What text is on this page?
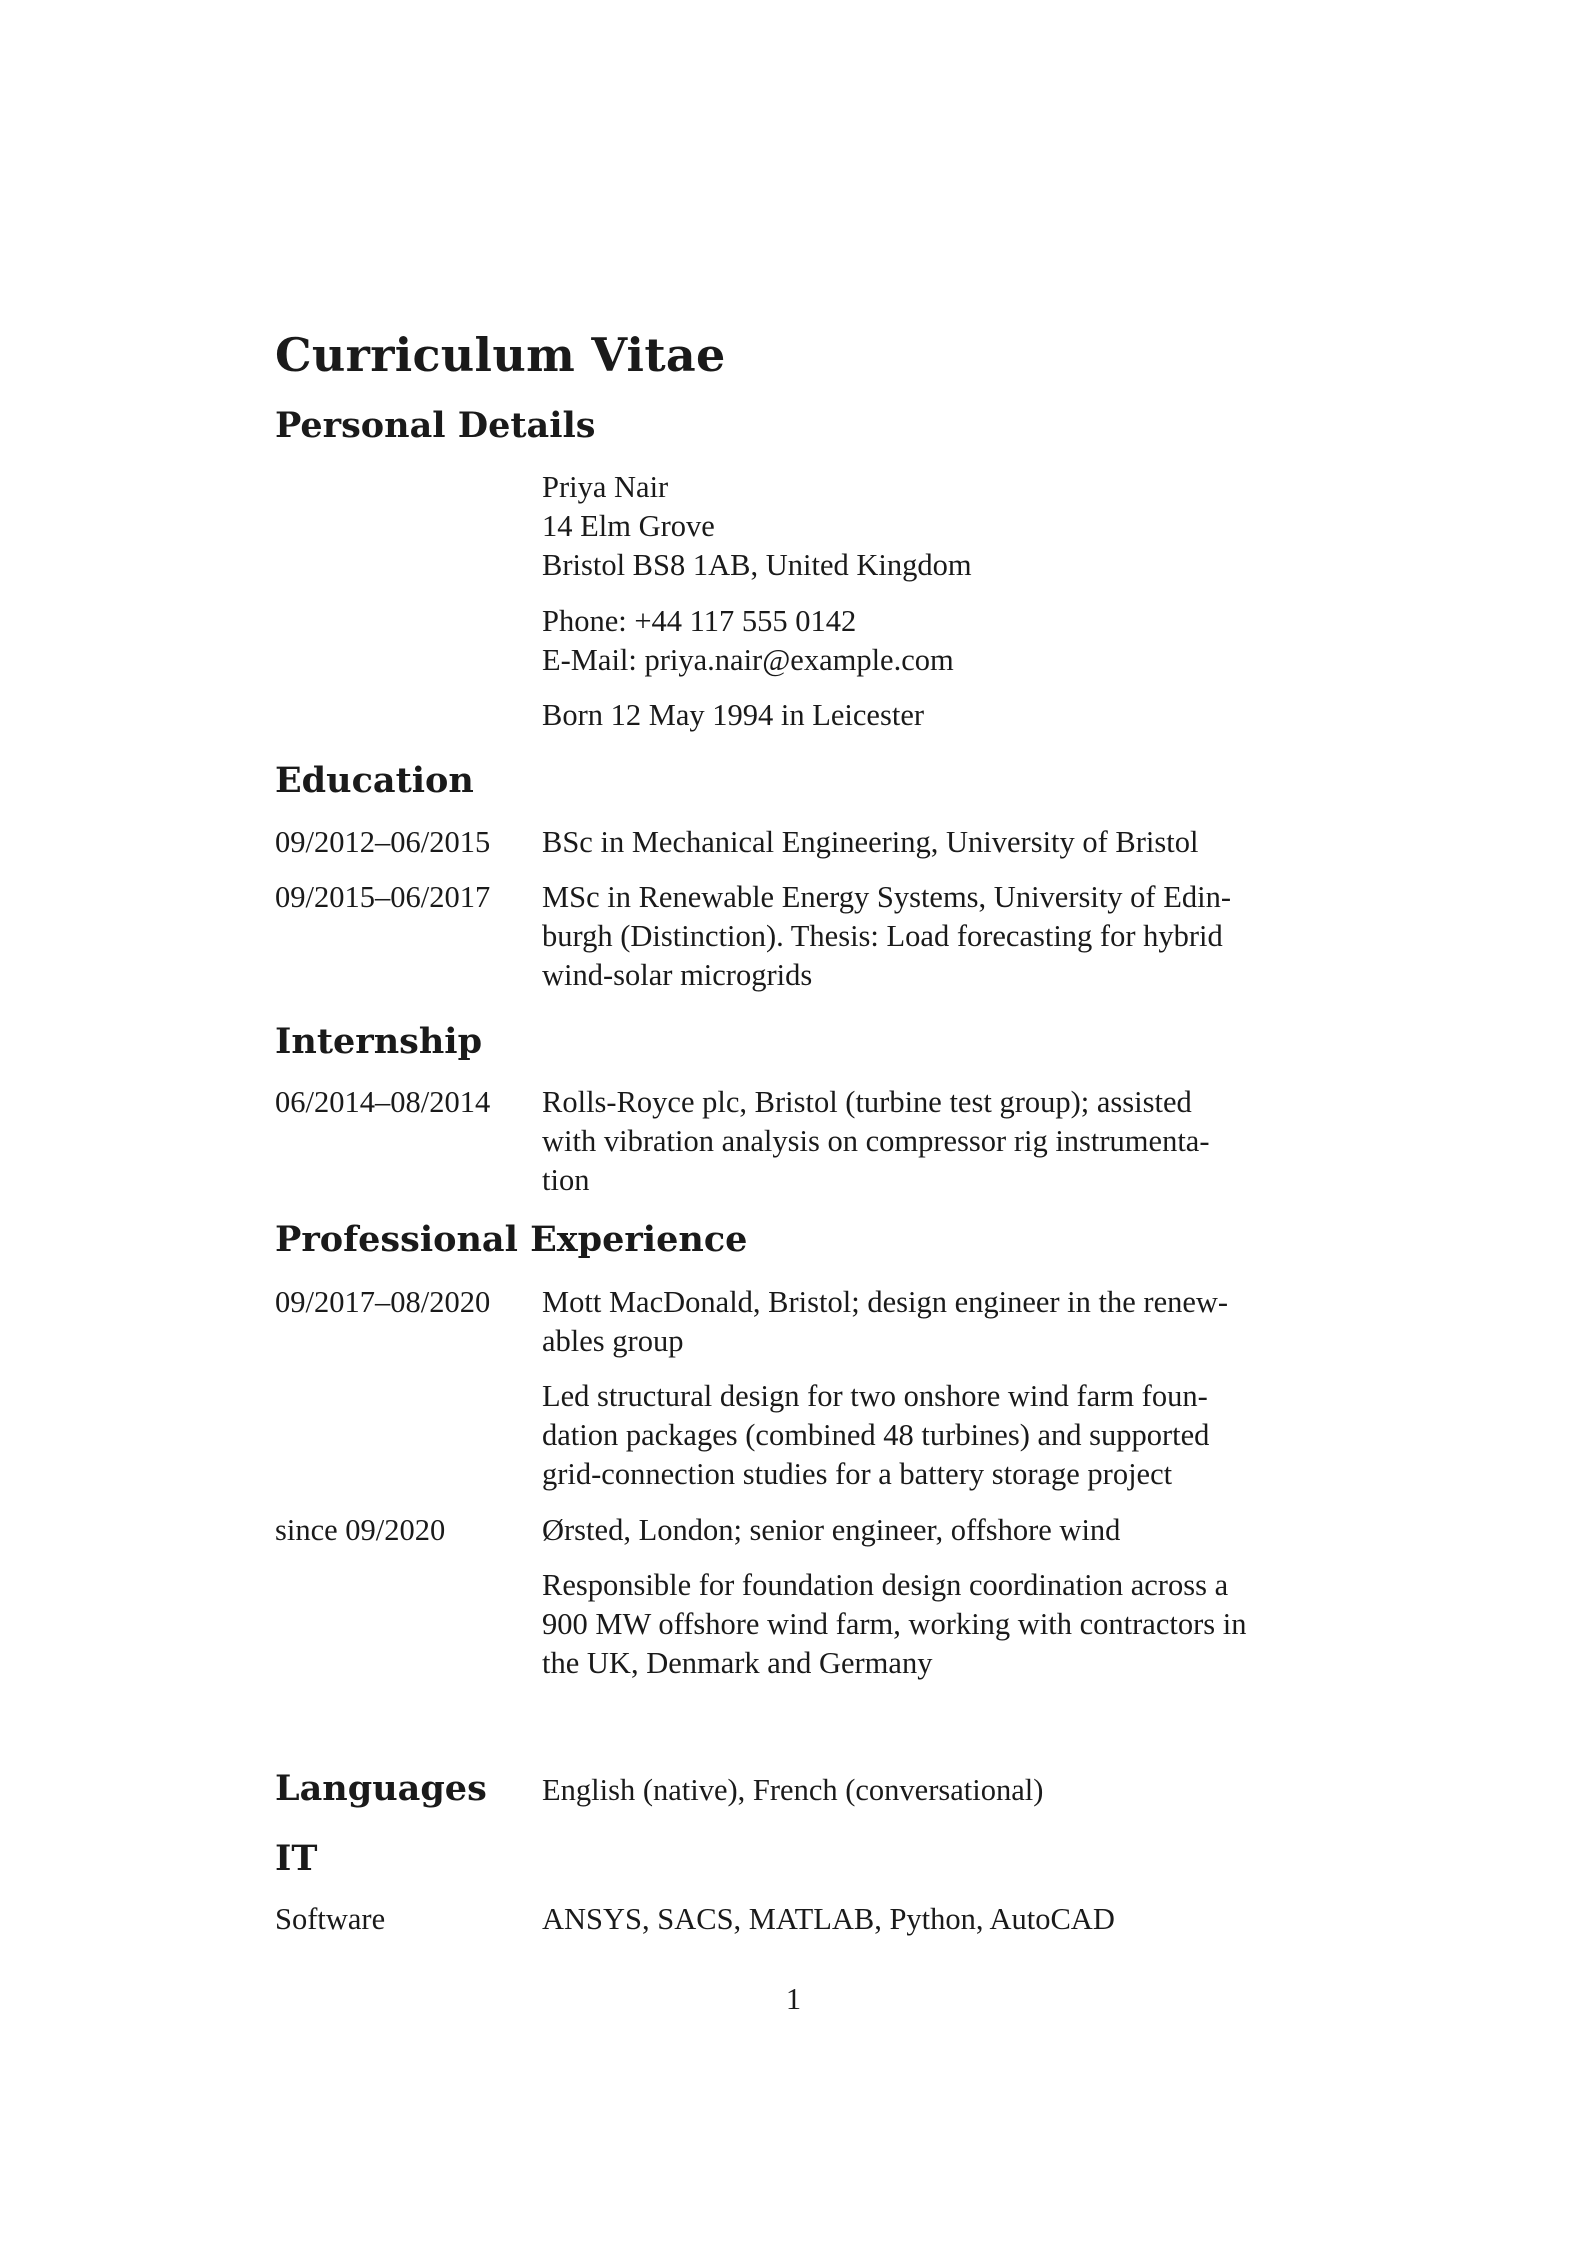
Curriculum Vitae
Personal Details
Priya Nair
14 Elm Grove
Bristol BS8 1AB, United Kingdom
Phone: +44 117 555 0142
E-Mail: priya.nair@example.com
Born 12 May 1994 in Leicester
Education
09/2012–06/2015 BSc in Mechanical Engineering, University of Bristol
09/2015–06/2017 MSc in Renewable Energy Systems, University of Edin-
burgh (Distinction). Thesis: Load forecasting for hybrid
wind-solar microgrids
Internship
06/2014–08/2014 Rolls-Royce plc, Bristol (turbine test group); assisted
with vibration analysis on compressor rig instrumenta-
tion
Professional Experience
09/2017–08/2020 Mott MacDonald, Bristol; design engineer in the renew-
ables group
Led structural design for two onshore wind farm foun-
dation packages (combined 48 turbines) and supported
grid-connection studies for a battery storage project
since 09/2020	Ørsted, London; senior engineer, offshore wind
Responsible for foundation design coordination across a
900 MW offshore wind farm, working with contractors in
the UK, Denmark and Germany
Languages English (native), French (conversational)
IT
Software	ANSYS, SACS, MATLAB, Python, AutoCAD
1
